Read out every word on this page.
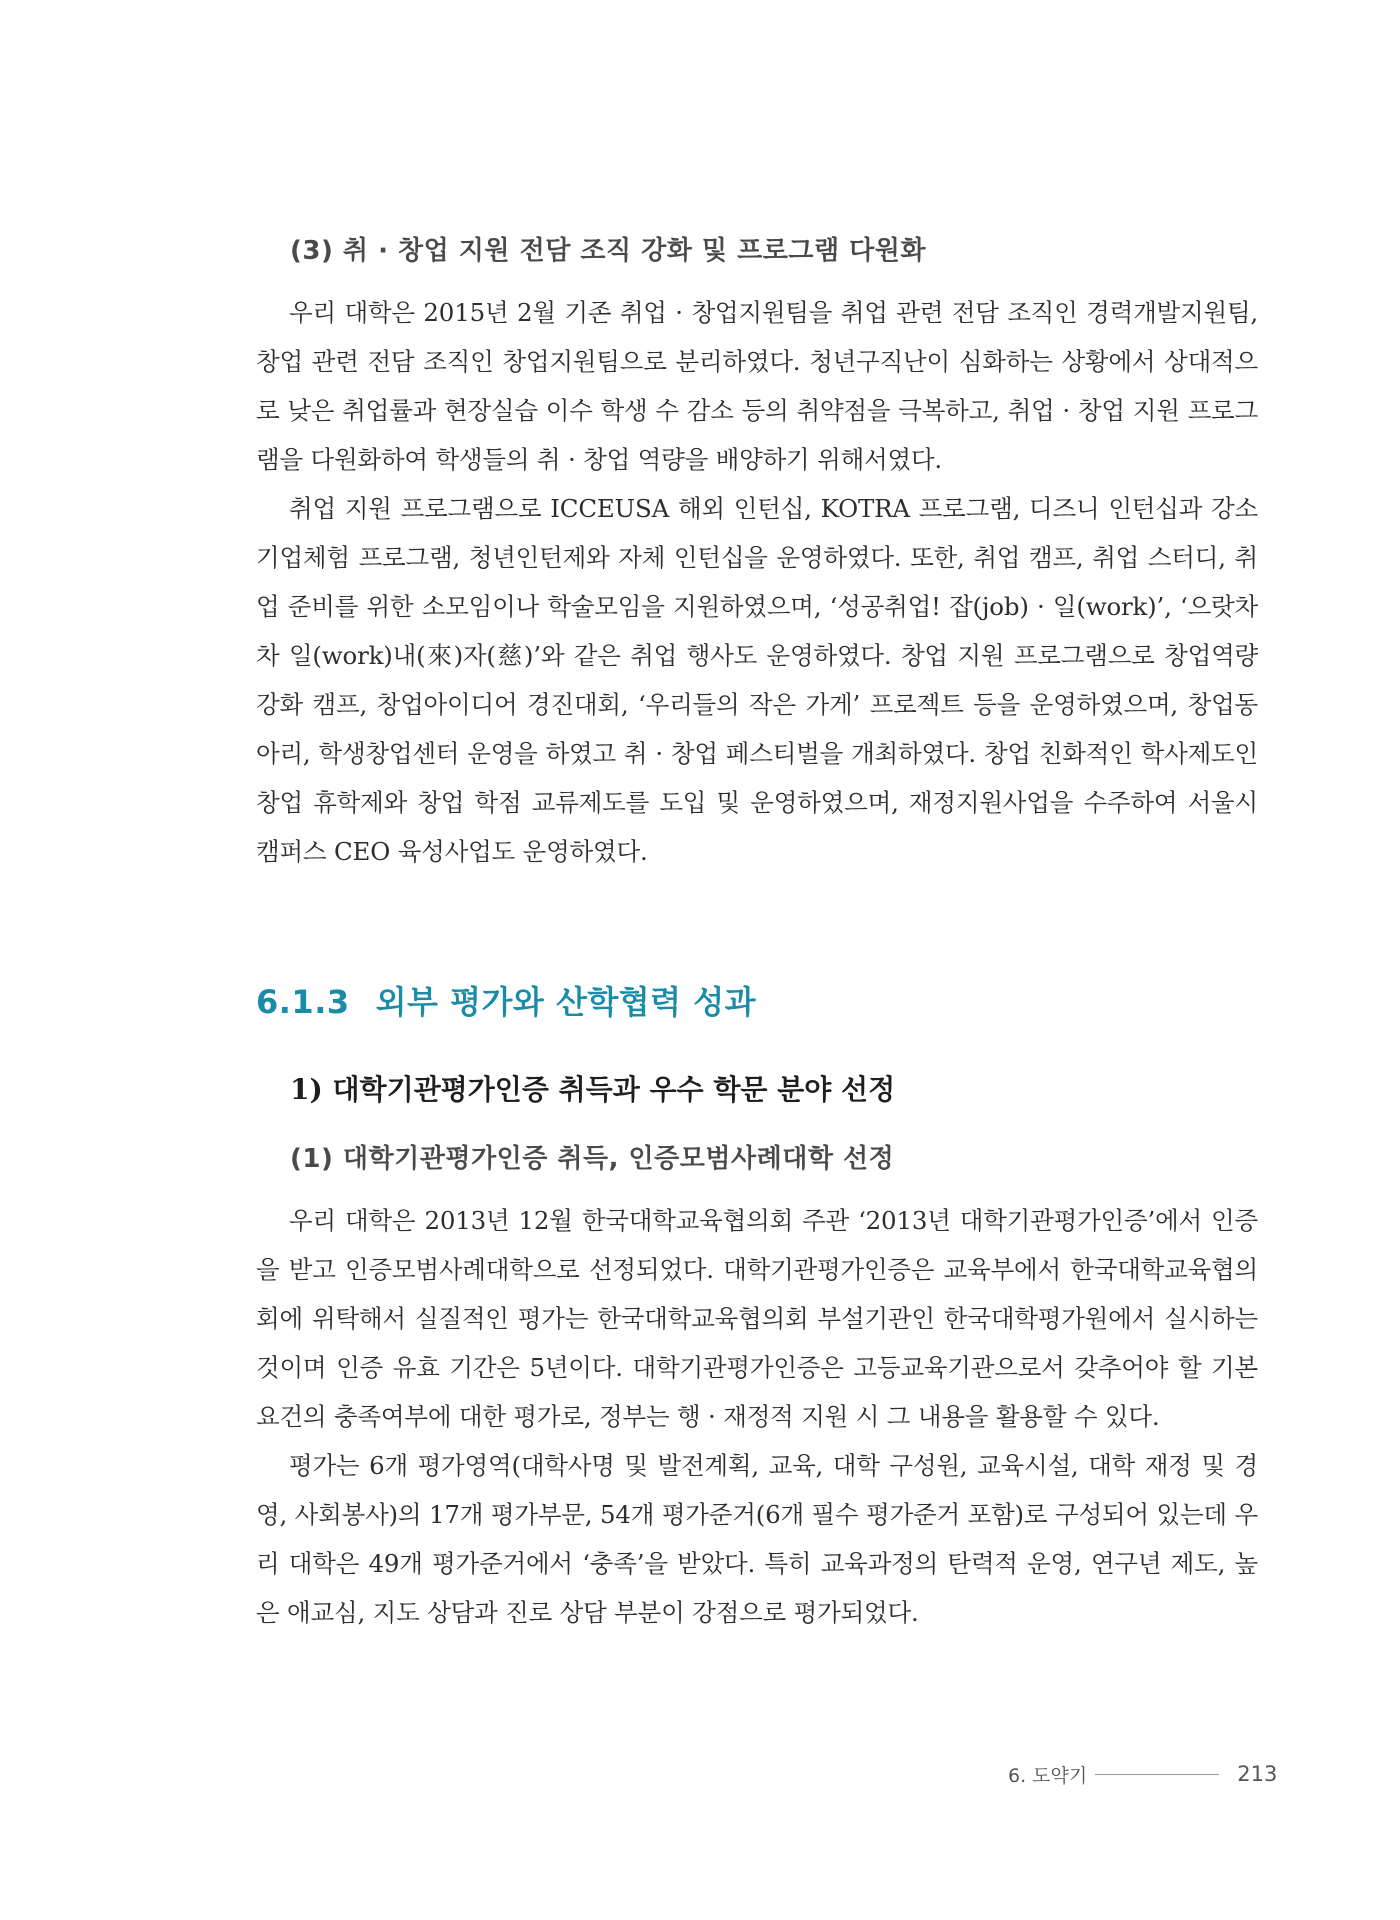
(3) 취 · 창업 지원 전담 조직 강화 및 프로그램 다원화

우리 대학은 2015년 2월 기존 취업 · 창업지원팀을 취업 관련 전담 조직인 경력개발지원팀, 창업 관련 전담 조직인 창업지원팀으로 분리하였다. 청년구직난이 심화하는 상황에서 상대적으로 낮은 취업률과 현장실습 이수 학생 수 감소 등의 취약점을 극복하고, 취업 · 창업 지원 프로그램을 다원화하여 학생들의 취 · 창업 역량을 배양하기 위해서였다.

취업 지원 프로그램으로 ICCEUSA 해외 인턴십, KOTRA 프로그램, 디즈니 인턴십과 강소기업체험 프로그램, 청년인턴제와 자체 인턴십을 운영하였다. 또한, 취업 캠프, 취업 스터디, 취업 준비를 위한 소모임이나 학술모임을 지원하였으며, ‘성공취업! 잡(job) · 일(work)’, ‘으랏차차 일(work)내(來)자(慈)’와 같은 취업 행사도 운영하였다. 창업 지원 프로그램으로 창업역량 강화 캠프, 창업아이디어 경진대회, ‘우리들의 작은 가게’ 프로젝트 등을 운영하였으며, 창업동아리, 학생창업센터 운영을 하였고 취 · 창업 페스티벌을 개최하였다. 창업 친화적인 학사제도인 창업 휴학제와 창업 학점 교류제도를 도입 및 운영하였으며, 재정지원사업을 수주하여 서울시 캠퍼스 CEO 육성사업도 운영하였다.

6.1.3 외부 평가와 산학협력 성과
1) 대학기관평가인증 취득과 우수 학문 분야 선정
(1) 대학기관평가인증 취득, 인증모범사례대학 선정

우리 대학은 2013년 12월 한국대학교육협의회 주관 ‘2013년 대학기관평가인증’에서 인증을 받고 인증모범사례대학으로 선정되었다. 대학기관평가인증은 교육부에서 한국대학교육협의회에 위탁해서 실질적인 평가는 한국대학교육협의회 부설기관인 한국대학평가원에서 실시하는 것이며 인증 유효 기간은 5년이다. 대학기관평가인증은 고등교육기관으로서 갖추어야 할 기본요건의 충족여부에 대한 평가로, 정부는 행 · 재정적 지원 시 그 내용을 활용할 수 있다.

평가는 6개 평가영역(대학사명 및 발전계획, 교육, 대학 구성원, 교육시설, 대학 재정 및 경영, 사회봉사)의 17개 평가부문, 54개 평가준거(6개 필수 평가준거 포함)로 구성되어 있는데 우리 대학은 49개 평가준거에서 ‘충족’을 받았다. 특히 교육과정의 탄력적 운영, 연구년 제도, 높은 애교심, 지도 상담과 진로 상담 부분이 강점으로 평가되었다.

6. 도약기	213
